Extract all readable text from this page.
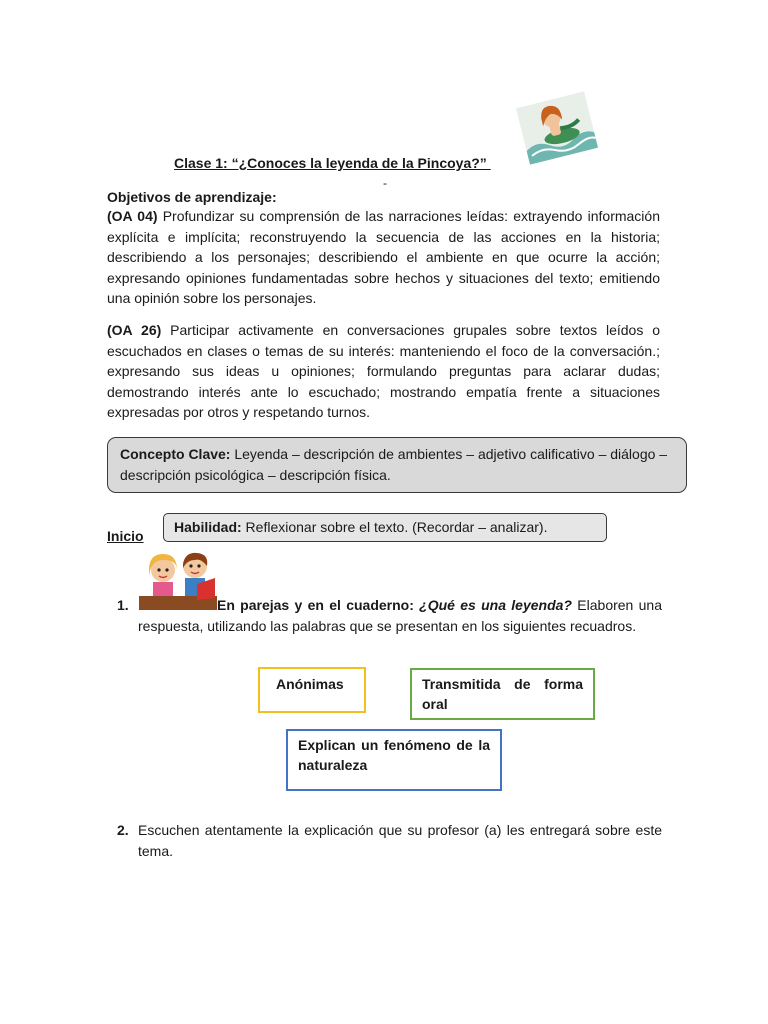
Clase 1: “¿Conoces la leyenda de la Pincoya?”
-
Objetivos de aprendizaje:
(OA 04) Profundizar su comprensión de las narraciones leídas: extrayendo información explícita e implícita; reconstruyendo la secuencia de las acciones en la historia; describiendo a los personajes; describiendo el ambiente en que ocurre la acción; expresando opiniones fundamentadas sobre hechos y situaciones del texto; emitiendo una opinión sobre los personajes.
(OA 26) Participar activamente en conversaciones grupales sobre textos leídos o escuchados en clases o temas de su interés: manteniendo el foco de la conversación.; expresando sus ideas u opiniones; formulando preguntas para aclarar dudas; demostrando interés ante lo escuchado; mostrando empatía frente a situaciones expresadas por otros y respetando turnos.
Concepto Clave: Leyenda – descripción de ambientes – adjetivo calificativo – diálogo – descripción psicológica – descripción física.
Inicio
Habilidad: Reflexionar sobre el texto. (Recordar – analizar).
1.	En parejas y en el cuaderno: ¿Qué es una leyenda? Elaboren una respuesta, utilizando las palabras que se presentan en los siguientes recuadros.
Anónimas	Transmitida de forma oral
Explican un fenómeno de la naturaleza
2. Escuchen atentamente la explicación que su profesor (a) les entregará sobre este tema.
